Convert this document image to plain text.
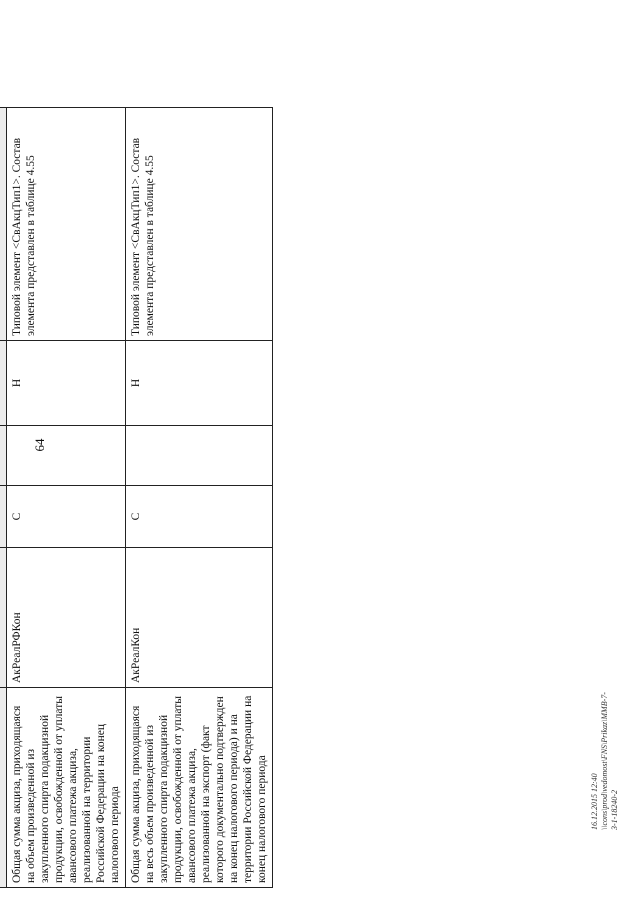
64

Общая сумма акциза, приходящаяся на объем произведенной из закупленного спирта подакцизной продукции, освобожденной от уплаты авансового платежа акциза, реализованной на территории Российской Федерации на конец налогового периода	АкРеалРФКон	С		Н	Типовой элемент <СвАкцТип1>. Состав элемента представлен в таблице 4.55
Общая сумма акциза, приходящаяся на весь объем произведенной из закупленного спирта подакцизной продукции, освобожденной от уплаты авансового платежа акциза, реализованной на экспорт (факт которого документально подтвержден на конец налогового периода) и на территории Российской Федерации на конец налогового периода	АкРеалКон	С		Н	Типовой элемент <СвАкцТип1>. Состав элемента представлен в таблице 4.55
16.12.2015 12:40 \\cons\prod\vedomost\FNS\Prikaz\ММВ-7-3-1-18240-2
